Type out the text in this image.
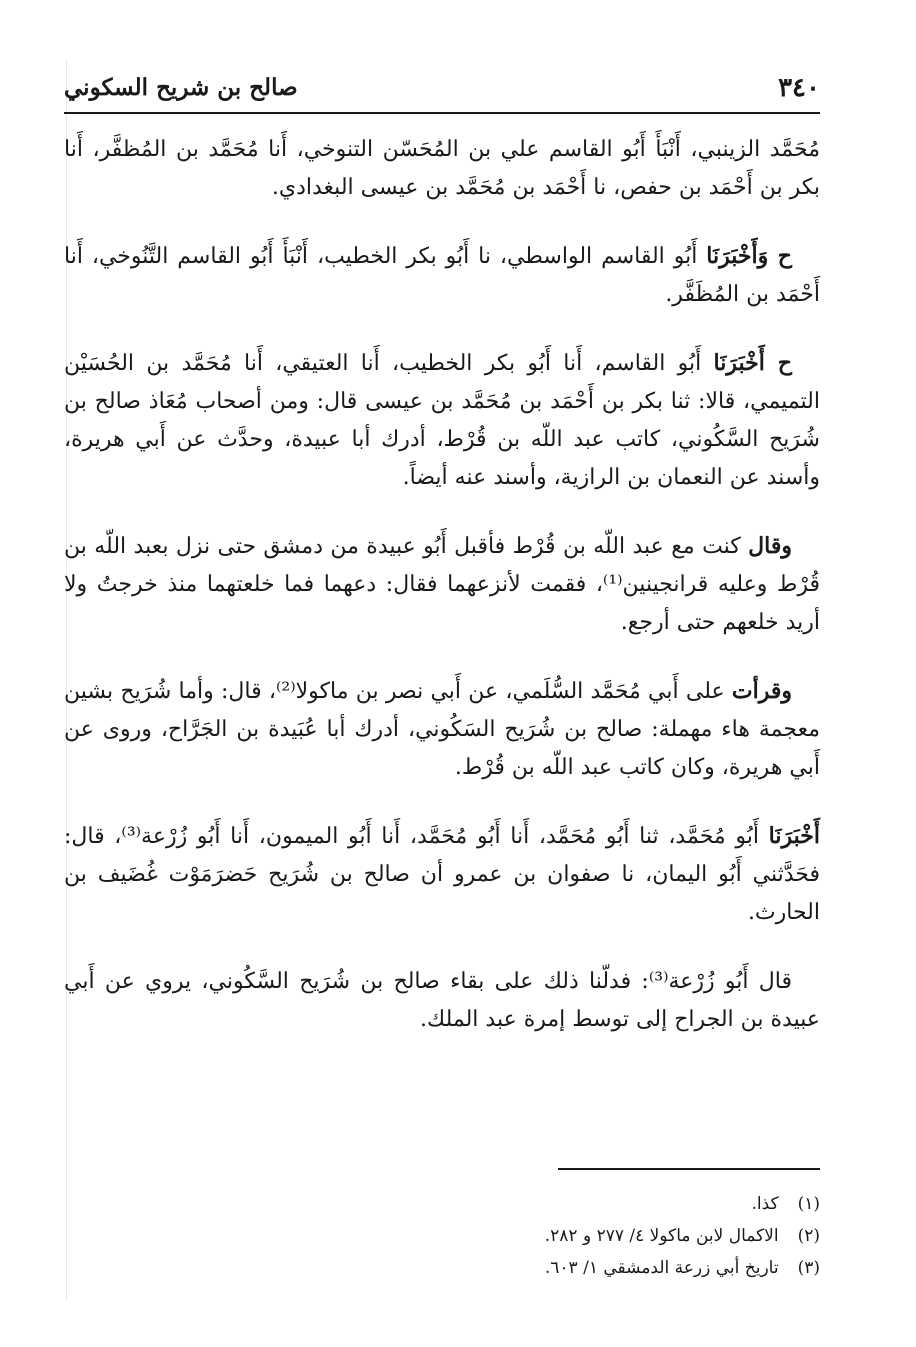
٣٤٠
صالح بن شريح السكوني

مُحَمَّد الزينبي، أَنْبَأَ أَبُو القاسم علي بن المُحَسّن التنوخي، أَنا مُحَمَّد بن المُظفَّر، أَنا بكر بن أَحْمَد بن حفص، نا أَحْمَد بن مُحَمَّد بن عيسى البغدادي.

ح وَأَخْبَرَنَا أَبُو القاسم الواسطي، نا أَبُو بكر الخطيب، أَنْبَأَ أَبُو القاسم التَّنُوخي، أَنا أَحْمَد بن المُظَفَّر.

ح أَخْبَرَنَا أَبُو القاسم، أَنا أَبُو بكر الخطيب، أَنا العتيقي، أَنا مُحَمَّد بن الحُسَيْن التميمي، قالا: ثنا بكر بن أَحْمَد بن مُحَمَّد بن عيسى قال: ومن أصحاب مُعَاذ صالح بن شُرَيح السَّكُوني، كاتب عبد اللّه بن قُرْط، أدرك أبا عبيدة، وحدَّث عن أَبي هريرة، وأسند عن النعمان بن الرازية، وأسند عنه أيضاً.

وقال كنت مع عبد اللّه بن قُرْط فأقبل أَبُو عبيدة من دمشق حتى نزل بعبد اللّه بن قُرْط وعليه قرانجينين⁽¹⁾، فقمت لأنزعهما فقال: دعهما فما خلعتهما منذ خرجتُ ولا أريد خلعهم حتى أرجع.

وقرأت على أَبي مُحَمَّد السُّلَمي، عن أَبي نصر بن ماكولا⁽²⁾، قال: وأما شُرَيح بشين معجمة هاء مهملة: صالح بن شُرَيح السَكُوني، أدرك أبا عُبَيدة بن الجَرَّاح، وروى عن أَبي هريرة، وكان كاتب عبد اللّه بن قُرْط.

أَخْبَرَنَا أَبُو مُحَمَّد، ثنا أَبُو مُحَمَّد، أَنا أَبُو مُحَمَّد، أَنا أَبُو الميمون، أَنا أَبُو زُرْعة⁽³⁾، قال: فحَدَّثني أَبُو اليمان، نا صفوان بن عمرو أن صالح بن شُرَيح حَضرَمَوْت غُضَيف بن الحارث.

قال أَبُو زُرْعة⁽³⁾: فدلّنا ذلك على بقاء صالح بن شُرَيح السَّكُوني، يروي عن أَبي عبيدة بن الجراح إلى توسط إمرة عبد الملك.

(١) كذا.

(٢) الاكمال لابن ماكولا ٤/ ٢٧٧ و ٢٨٢.

(٣) تاريخ أبي زرعة الدمشقي ١/ ٦٠٣.
